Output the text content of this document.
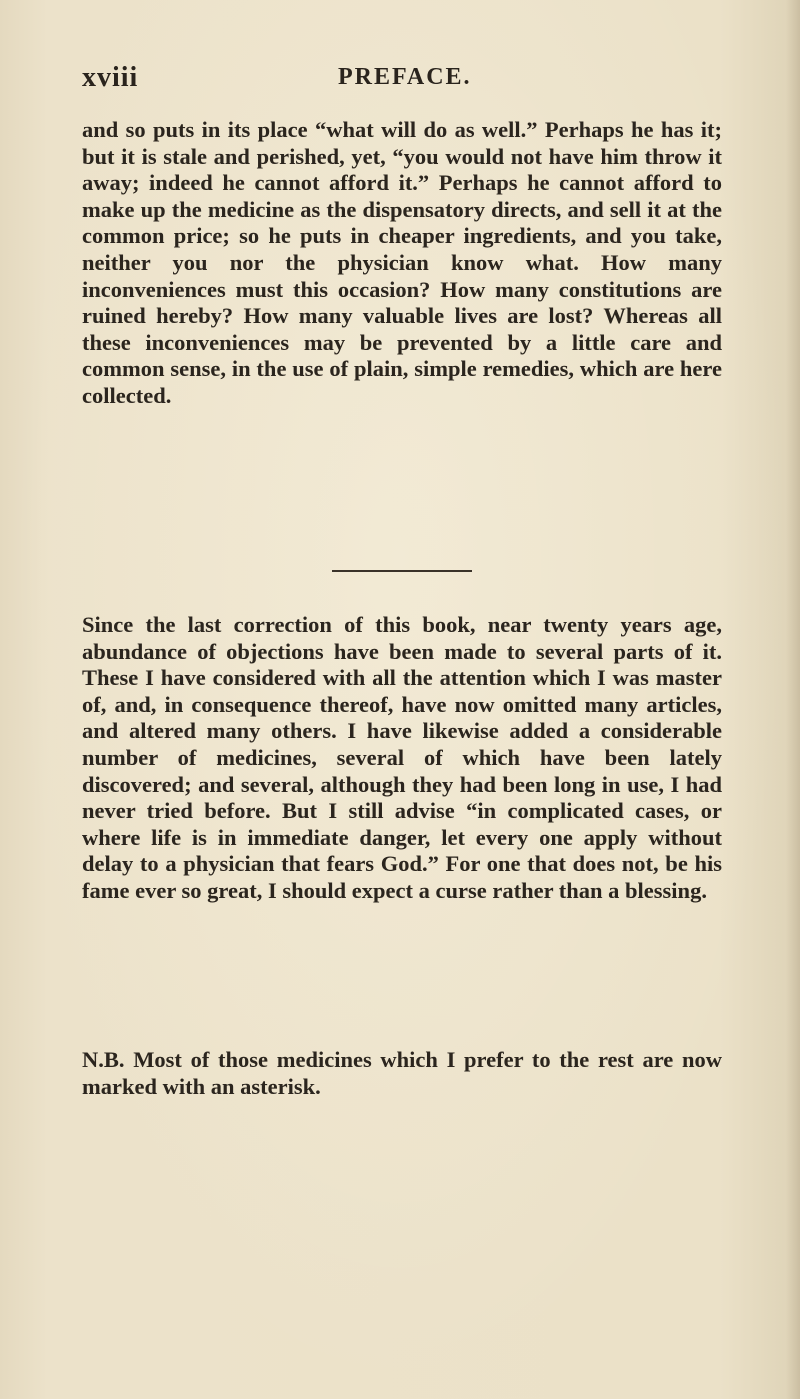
xviii	PREFACE.

and so puts in its place “what will do as well.” Perhaps he has it; but it is stale and perished, yet, “you would not have him throw it away; indeed he cannot afford it.” Perhaps he cannot afford to make up the medicine as the dispensatory directs, and sell it at the common price; so he puts in cheaper ingredients, and you take, neither you nor the physician know what. How many inconveniences must this occasion? How many constitutions are ruined hereby? How many valuable lives are lost? Whereas all these inconveniences may be prevented by a little care and common sense, in the use of plain, simple remedies, which are here collected.

Since the last correction of this book, near twenty years age, abundance of objections have been made to several parts of it. These I have considered with all the attention which I was master of, and, in consequence thereof, have now omitted many articles, and altered many others. I have likewise added a considerable number of medicines, several of which have been lately discovered; and several, although they had been long in use, I had never tried before. But I still advise “in complicated cases, or where life is in immediate danger, let every one apply without delay to a physician that fears God.” For one that does not, be his fame ever so great, I should expect a curse rather than a blessing.

N.B. Most of those medicines which I prefer to the rest are now marked with an asterisk.
